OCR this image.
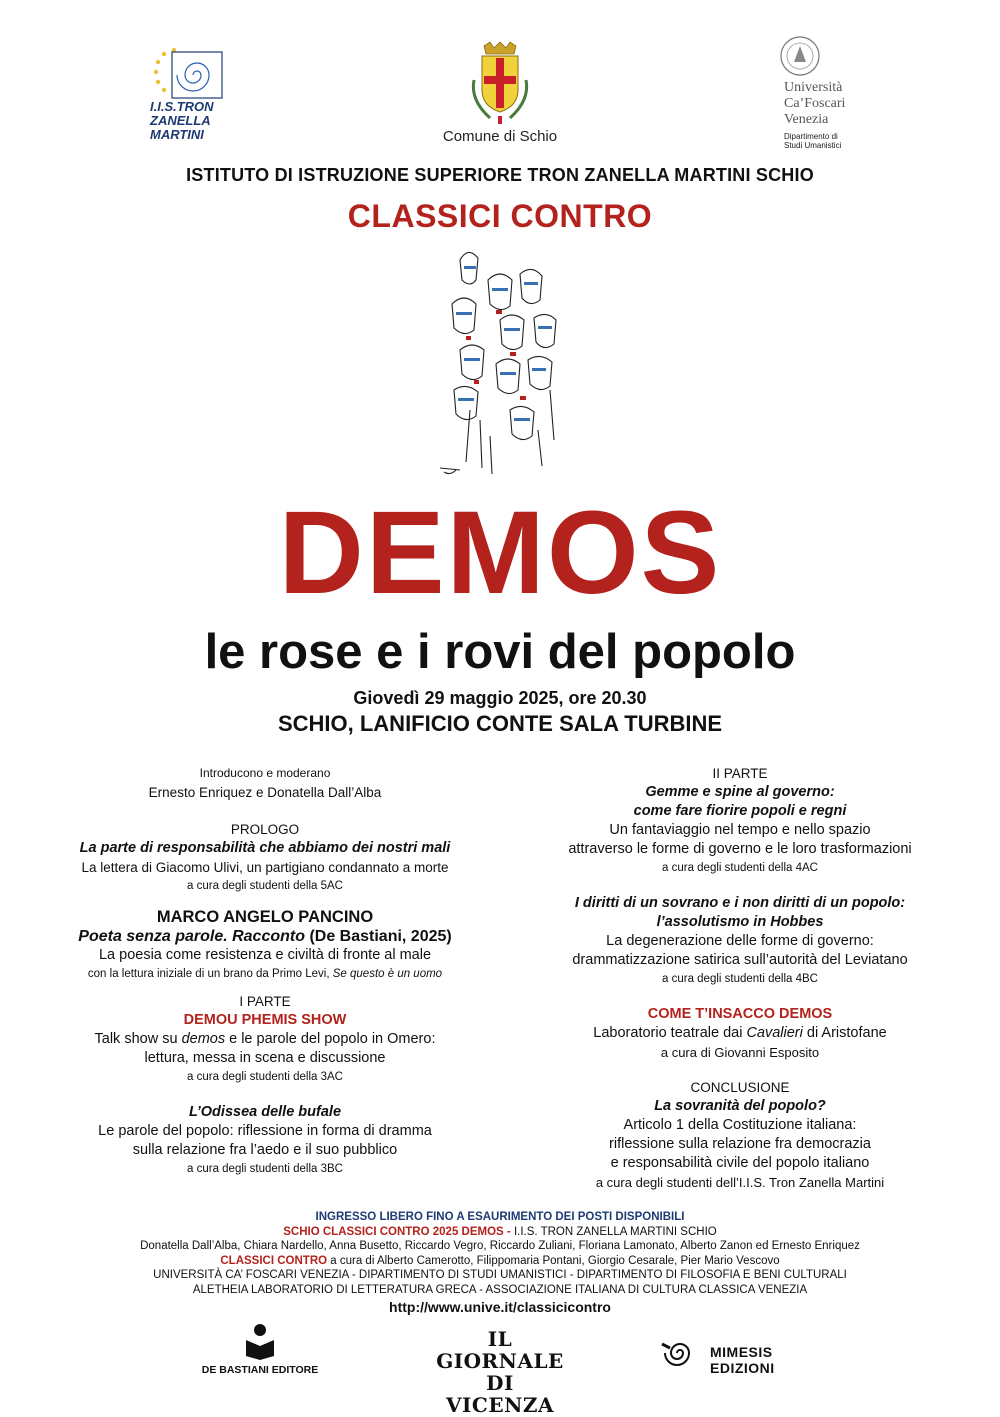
I.I.S.TRON
ZANELLA
MARTINI	Comune di Schio
Università
Ca’Foscari
Venezia
Dipartimento di
Studi Umanistici
ISTITUTO DI ISTRUZIONE SUPERIORE TRON ZANELLA MARTINI SCHIO
CLASSICI CONTRO
DEMOS
le rose e i rovi del popolo
Giovedì 29 maggio 2025, ore 20.30
SCHIO, LANIFICIO CONTE SALA TURBINE
Introducono e moderano
Ernesto Enriquez e Donatella Dall’Alba
PROLOGO
La parte di responsabilità che abbiamo dei nostri mali
La lettera di Giacomo Ulivi, un partigiano condannato a morte
a cura degli studenti della 5AC
MARCO ANGELO PANCINO
Poeta senza parole. Racconto (De Bastiani, 2025)
La poesia come resistenza e civiltà di fronte al male
con la lettura iniziale di un brano da Primo Levi, Se questo è un uomo
I PARTE
DEMOU PHEMIS SHOW
Talk show su demos e le parole del popolo in Omero:
lettura, messa in scena e discussione
a cura degli studenti della 3AC
L’Odissea delle bufale
Le parole del popolo: riflessione in forma di dramma
sulla relazione fra l’aedo e il suo pubblico
a cura degli studenti della 3BC
II PARTE
Gemme e spine al governo:
come fare fiorire popoli e regni
Un fantaviaggio nel tempo e nello spazio
attraverso le forme di governo e le loro trasformazioni
a cura degli studenti della 4AC
I diritti di un sovrano e i non diritti di un popolo:
l’assolutismo in Hobbes
La degenerazione delle forme di governo:
drammatizzazione satirica sull’autorità del Leviatano
a cura degli studenti della 4BC
COME T’INSACCO DEMOS
Laboratorio teatrale dai Cavalieri di Aristofane
a cura di Giovanni Esposito
CONCLUSIONE
La sovranità del popolo?
Articolo 1 della Costituzione italiana:
riflessione sulla relazione fra democrazia
e responsabilità civile del popolo italiano
a cura degli studenti dell’I.I.S. Tron Zanella Martini
INGRESSO LIBERO FINO A ESAURIMENTO DEI POSTI DISPONIBILI
SCHIO CLASSICI CONTRO 2025 DEMOS - I.I.S. TRON ZANELLA MARTINI SCHIO
Donatella Dall’Alba, Chiara Nardello, Anna Busetto, Riccardo Vegro, Riccardo Zuliani, Floriana Lamonato, Alberto Zanon ed Ernesto Enriquez
CLASSICI CONTRO a cura di Alberto Camerotto, Filippomaria Pontani, Giorgio Cesarale, Pier Mario Vescovo
UNIVERSITÀ CA’ FOSCARI VENEZIA - DIPARTIMENTO DI STUDI UMANISTICI - DIPARTIMENTO DI FILOSOFIA E BENI CULTURALI
ALETHEIA LABORATORIO DI LETTERATURA GRECA - ASSOCIAZIONE ITALIANA DI CULTURA CLASSICA VENEZIA
http://www.unive.it/classicicontro
DE BASTIANI EDITORE
IL GIORNALE
DI VICENZA
MIMESIS EDIZIONI
